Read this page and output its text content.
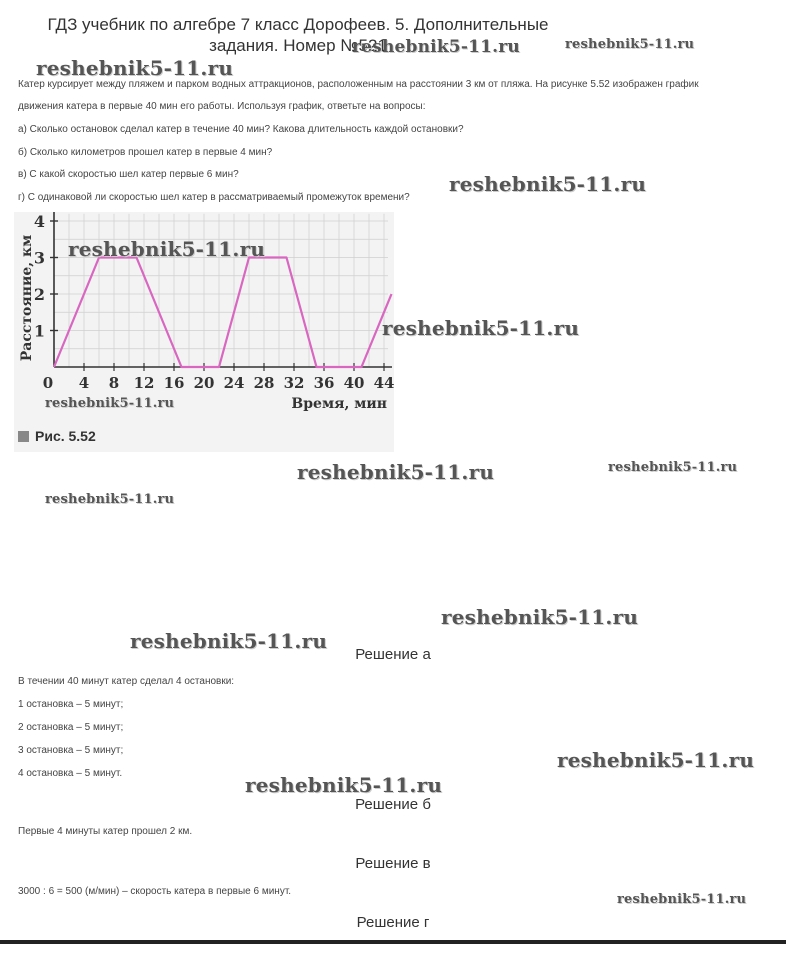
ГДЗ учебник по алгебре 7 класс Дорофеев. 5. Дополнительные задания. Номер №521
Катер курсирует между пляжем и парком водных аттракционов, расположенным на расстоянии 3 км от пляжа. На рисунке 5.52 изображен график
движения катера в первые 40 мин его работы. Используя график, ответьте на вопросы:
а) Сколько остановок сделал катер в течение 40 мин? Какова длительность каждой остановки?
б) Сколько километров прошел катер в первые 4 мин?
в) С какой скоростью шел катер первые 6 мин?
г) С одинаковой ли скоростью шел катер в рассматриваемый промежуток времени?
1
2
3
4
0 4 8 12 16 20 24 28 32 36 40 44
Расстояние, км
Время, мин
Рис. 5.52
Решение а
В течении 40 минут катер сделал 4 остановки:
1 остановка – 5 минут;
2 остановка – 5 минут;
3 остановка – 5 минут;
4 остановка – 5 минут.
Решение б
Первые 4 минуты катер прошел 2 км.
Решение в
3000 : 6 = 500 (м/мин) – скорость катера в первые 6 минут.
Решение г
reshebnik5-11.ru	reshebnik5-11.ru
reshebnik5-11.ru
reshebnik5-11.ru
reshebnik5-11.ru
reshebnik5-11.ru
reshebnik5-11.ru
reshebnik5-11.ru	reshebnik5-11.ru
reshebnik5-11.ru
reshebnik5-11.ru
reshebnik5-11.ru
reshebnik5-11.ru
reshebnik5-11.ru
reshebnik5-11.ru
